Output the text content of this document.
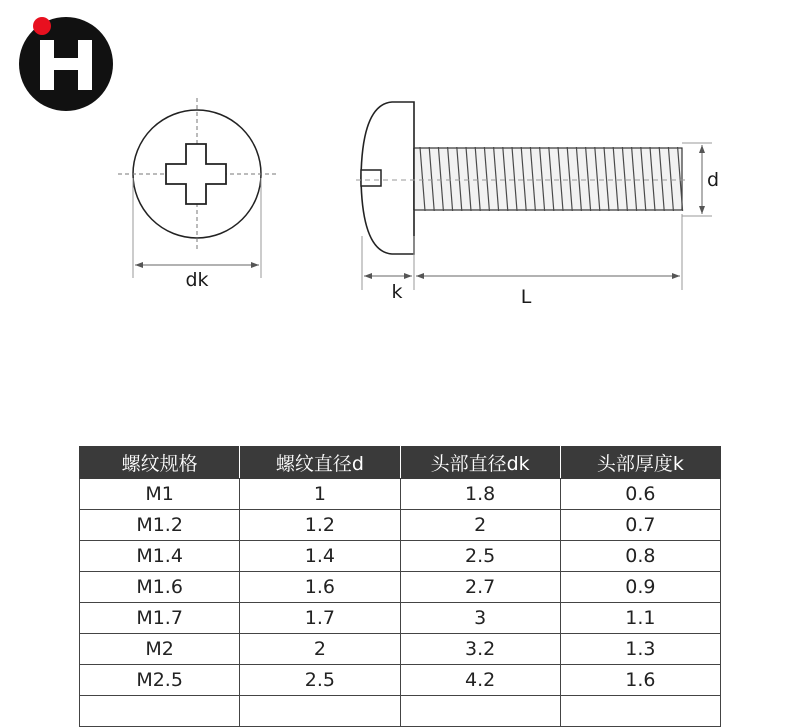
dk
d
k	L
螺纹规格	螺纹直径d	头部直径dk	头部厚度k
M1	1	1.8	0.6
M1.2	1.2	2	0.7
M1.4	1.4	2.5	0.8
M1.6	1.6	2.7	0.9
M1.7	1.7	3	1.1
M2	2	3.2	1.3
M2.5	2.5	4.2	1.6
